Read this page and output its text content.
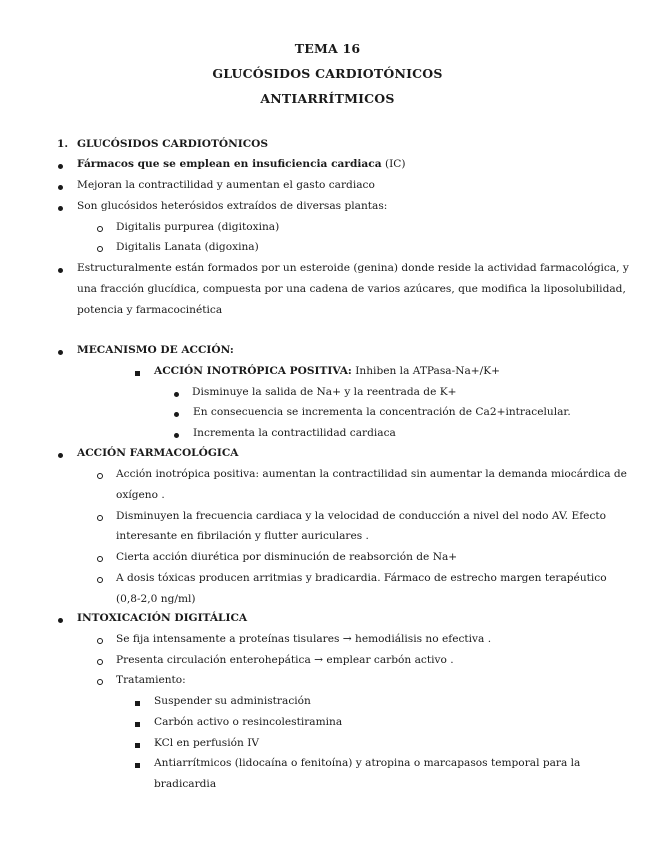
TEMA 16
GLUCÓSIDOS CARDIOTÓNICOS
ANTIARRÍTMICOS
1. GLUCÓSIDOS CARDIOTÓNICOS
Fármacos que se emplean en insuficiencia cardiaca (IC)
Mejoran la contractilidad y aumentan el gasto cardiaco
Son glucósidos heterósidos extraídos de diversas plantas:
Digitalis purpurea (digitoxina)
Digitalis Lanata (digoxina)
Estructuralmente están formados por un esteroide (genina) donde reside la actividad farmacológica, y
una fracción glucídica, compuesta por una cadena de varios azúcares, que modifica la liposolubilidad,
potencia y farmacocinética
MECANISMO DE ACCIÓN:
ACCIÓN INOTRÓPICA POSITIVA: Inhiben la ATPasa-Na+/K+
Disminuye la salida de Na+ y la reentrada de K+
En consecuencia se incrementa la concentración de Ca2+intracelular.
Incrementa la contractilidad cardiaca
ACCIÓN FARMACOLÓGICA
Acción inotrópica positiva: aumentan la contractilidad sin aumentar la demanda miocárdica de
oxígeno .
Disminuyen la frecuencia cardiaca y la velocidad de conducción a nivel del nodo AV. Efecto
interesante en fibrilación y flutter auriculares .
Cierta acción diurética por disminución de reabsorción de Na+
A dosis tóxicas producen arritmias y bradicardia. Fármaco de estrecho margen terapéutico
(0,8-2,0 ng/ml)
INTOXICACIÓN DIGITÁLICA
Se fija intensamente a proteínas tisulares → hemodiálisis no efectiva .
Presenta circulación enterohepática → emplear carbón activo .
Tratamiento:
Suspender su administración
Carbón activo o resincolestiramina
KCl en perfusión IV
Antiarrítmicos (lidocaína o fenitoína) y atropina o marcapasos temporal para la
bradicardia
